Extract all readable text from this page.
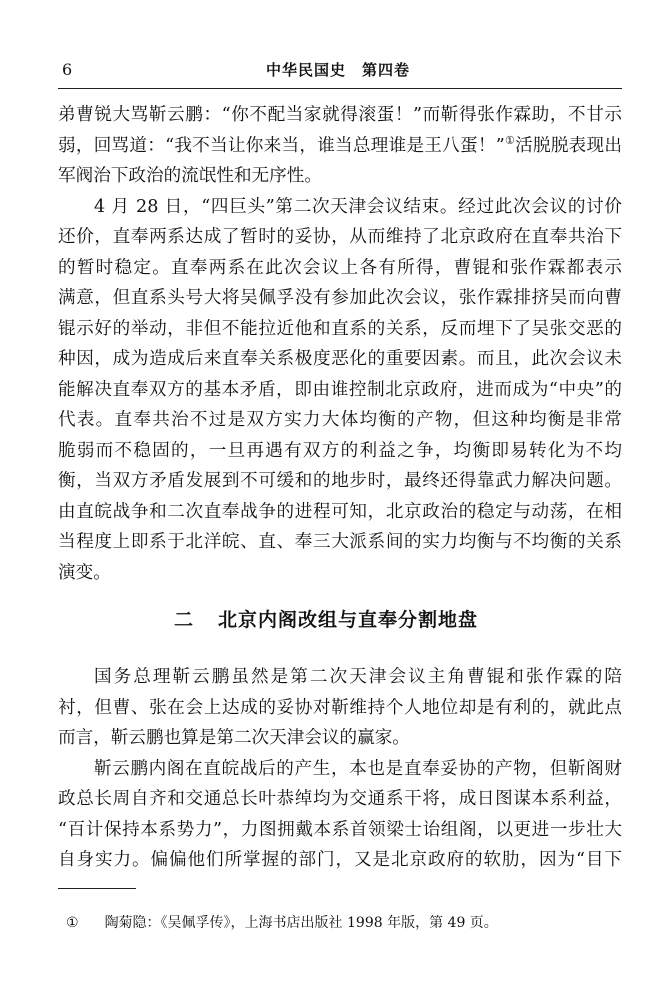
6	中华民国史　第四卷
弟曹锐大骂靳云鹏：“你不配当家就得滚蛋！”而靳得张作霖助，不甘示
弱，回骂道：“我不当让你来当，谁当总理谁是王八蛋！”①活脱脱表现出
军阀治下政治的流氓性和无序性。
4 月 28 日，“四巨头”第二次天津会议结束。经过此次会议的讨价
还价，直奉两系达成了暂时的妥协，从而维持了北京政府在直奉共治下
的暂时稳定。直奉两系在此次会议上各有所得，曹锟和张作霖都表示
满意，但直系头号大将吴佩孚没有参加此次会议，张作霖排挤吴而向曹
锟示好的举动，非但不能拉近他和直系的关系，反而埋下了吴张交恶的
种因，成为造成后来直奉关系极度恶化的重要因素。而且，此次会议未
能解决直奉双方的基本矛盾，即由谁控制北京政府，进而成为“中央”的
代表。直奉共治不过是双方实力大体均衡的产物，但这种均衡是非常
脆弱而不稳固的，一旦再遇有双方的利益之争，均衡即易转化为不均
衡，当双方矛盾发展到不可缓和的地步时，最终还得靠武力解决问题。
由直皖战争和二次直奉战争的进程可知，北京政治的稳定与动荡，在相
当程度上即系于北洋皖、直、奉三大派系间的实力均衡与不均衡的关系
演变。
二 北京内阁改组与直奉分割地盘
国务总理靳云鹏虽然是第二次天津会议主角曹锟和张作霖的陪
衬，但曹、张在会上达成的妥协对靳维持个人地位却是有利的，就此点
而言，靳云鹏也算是第二次天津会议的赢家。
靳云鹏内阁在直皖战后的产生，本也是直奉妥协的产物，但靳阁财
政总长周自齐和交通总长叶恭绰均为交通系干将，成日图谋本系利益，
“百计保持本系势力”，力图拥戴本系首领梁士诒组阁，以更进一步壮大
自身实力。偏偏他们所掌握的部门，又是北京政府的软肋，因为“目下
① 陶菊隐：《吴佩孚传》，上海书店出版社 1998 年版，第 49 页。
